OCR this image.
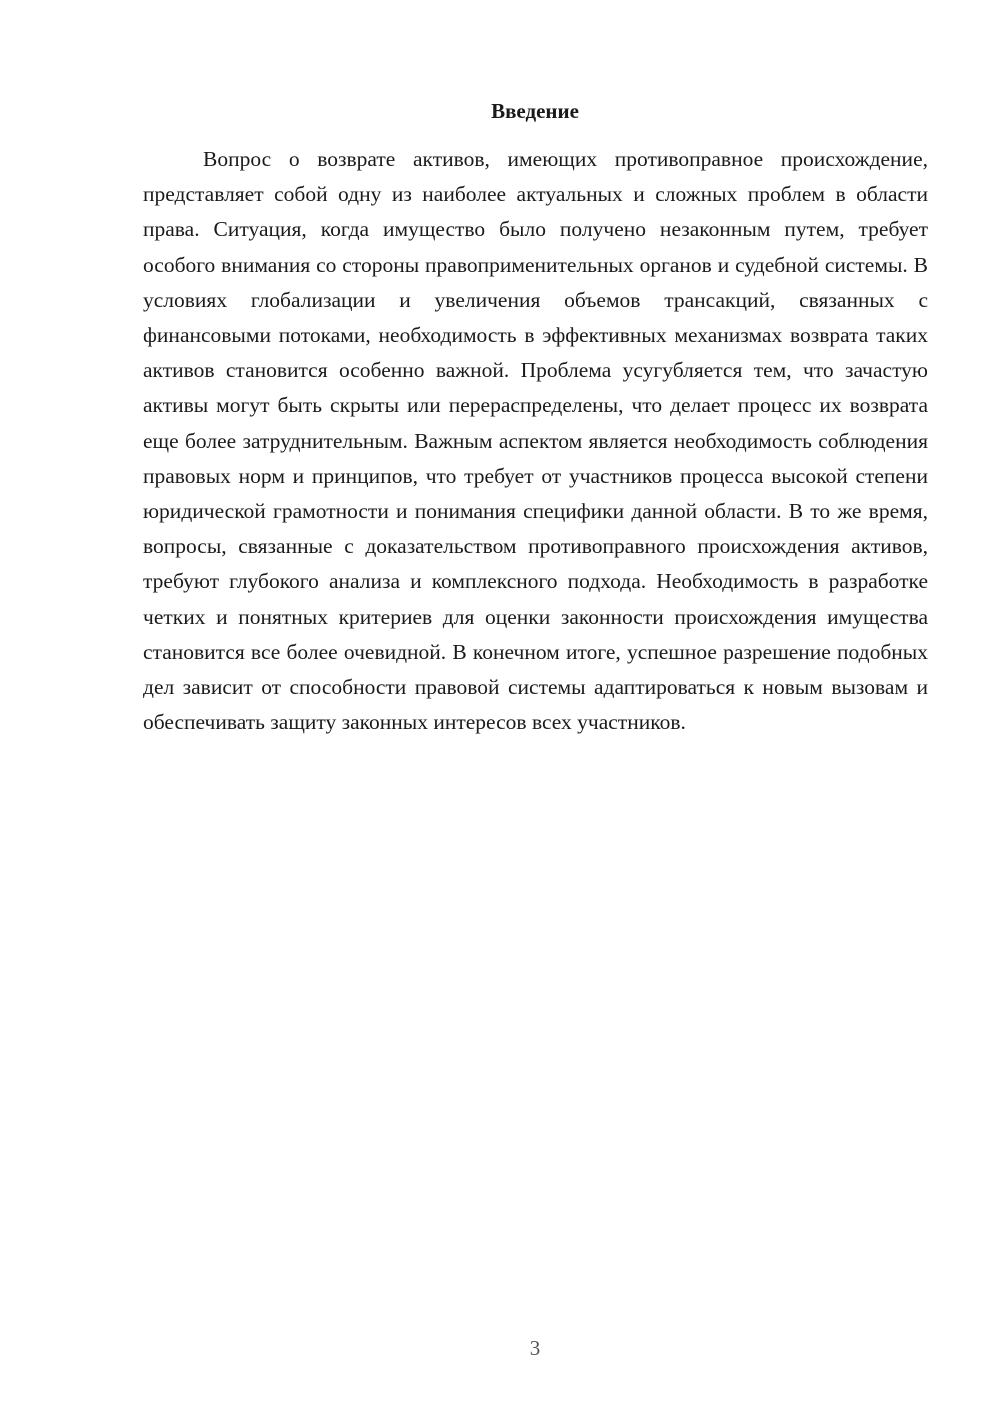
Введение

Вопрос о возврате активов, имеющих противоправное происхождение, представляет собой одну из наиболее актуальных и сложных проблем в области права. Ситуация, когда имущество было получено незаконным путем, требует особого внимания со стороны правоприменительных органов и судебной системы. В условиях глобализации и увеличения объемов трансакций, связанных с финансовыми потоками, необходимость в эффективных механизмах возврата таких активов становится особенно важной. Проблема усугубляется тем, что зачастую активы могут быть скрыты или перераспределены, что делает процесс их возврата еще более затруднительным. Важным аспектом является необходимость соблюдения правовых норм и принципов, что требует от участников процесса высокой степени юридической грамотности и понимания специфики данной области. В то же время, вопросы, связанные с доказательством противоправного происхождения активов, требуют глубокого анализа и комплексного подхода. Необходимость в разработке четких и понятных критериев для оценки законности происхождения имущества становится все более очевидной. В конечном итоге, успешное разрешение подобных дел зависит от способности правовой системы адаптироваться к новым вызовам и обеспечивать защиту законных интересов всех участников.

3
